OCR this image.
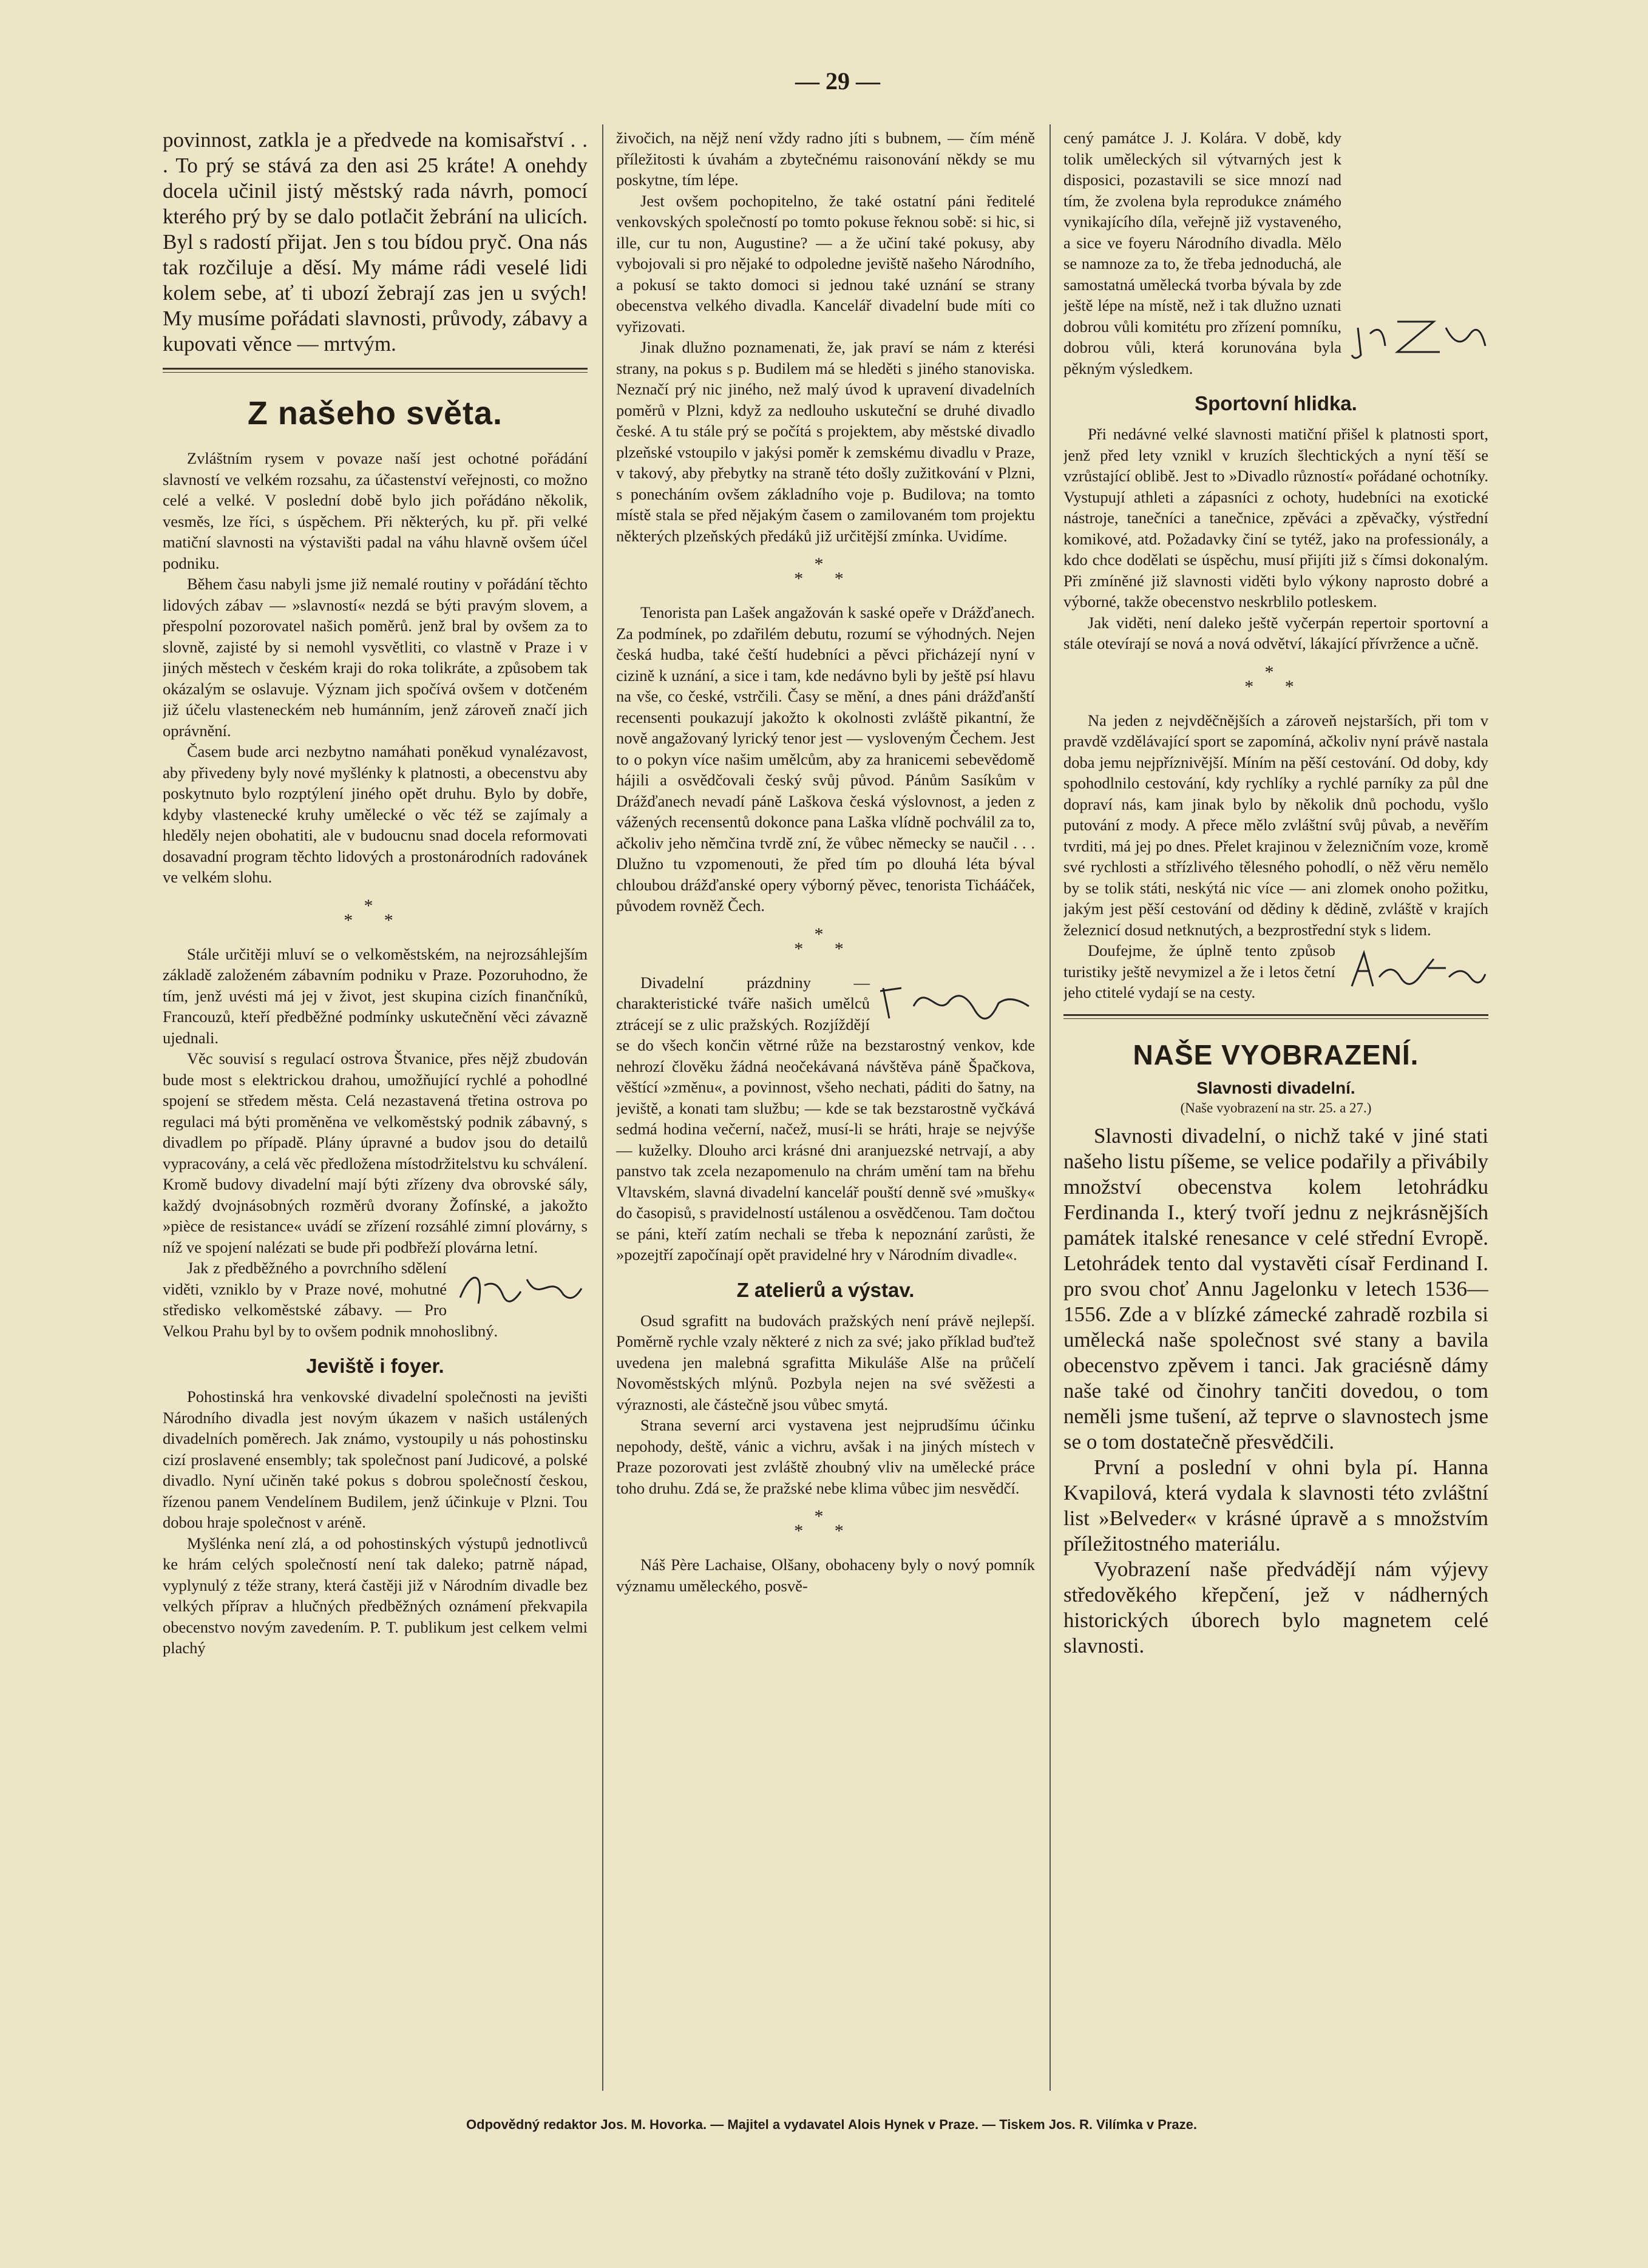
— 29 —

povinnost, zatkla je a předvede na komisařství . . . To prý se stává za den asi 25 kráte! A onehdy docela učinil jistý městský rada návrh, pomocí kterého prý by se dalo potlačit žebrání na ulicích. Byl s radostí přijat. Jen s tou bídou pryč. Ona nás tak rozčiluje a děsí. My máme rádi veselé lidi kolem sebe, ať ti ubozí žebrají zas jen u svých! My musíme pořádati slavnosti, průvody, zábavy a kupovati věnce — mrtvým.

Z našeho světa.

Zvláštním rysem v povaze naší jest ochotné pořádání slavností ve velkém rozsahu, za účastenství veřejnosti, co možno celé a velké. V poslední době bylo jich pořádáno několik, vesměs, lze říci, s úspěchem. Při některých, ku př. při velké matiční slavnosti na výstavišti padal na váhu hlavně ovšem účel podniku.

Během času nabyli jsme již nemalé routiny v pořádání těchto lidových zábav — »slavností« nezdá se býti pravým slovem, a přespolní pozorovatel našich poměrů. jenž bral by ovšem za to slovně, zajisté by si nemohl vysvětliti, co vlastně v Praze i v jiných městech v českém kraji do roka tolikráte, a způsobem tak okázalým se oslavuje. Význam jich spočívá ovšem v dotčeném již účelu vlasteneckém neb humánním, jenž zároveň značí jich oprávnění.

Časem bude arci nezbytno namáhati poněkud vynalézavost, aby přivedeny byly nové myšlénky k platnosti, a obecenstvu aby poskytnuto bylo rozptýlení jiného opět druhu. Bylo by dobře, kdyby vlastenecké kruhy umělecké o věc též se zajímaly a hleděly nejen obohatiti, ale v budoucnu snad docela reformovati dosavadní program těchto lidových a prostonárodních radovánek ve velkém slohu.

*
* *

Stále určitěji mluví se o velkoměstském, na nejrozsáhlejším základě založeném zábavním podniku v Praze. Pozoruhodno, že tím, jenž uvésti má jej v život, jest skupina cizích finančníků, Francouzů, kteří předběžné podmínky uskutečnění věci závazně ujednali.

Věc souvisí s regulací ostrova Štvanice, přes nějž zbudován bude most s elektrickou drahou, umožňující rychlé a pohodlné spojení se středem města. Celá nezastavená třetina ostrova po regulaci má býti proměněna ve velkoměstský podnik zábavný, s divadlem po případě. Plány úpravné a budov jsou do detailů vypracovány, a celá věc předložena místodržitelstvu ku schválení. Kromě budovy divadelní mají býti zřízeny dva obrovské sály, každý dvojnásobných rozměrů dvorany Žofínské, a jakožto »pièce de resistance« uvádí se zřízení rozsáhlé zimní plovárny, s níž ve spojení nalézati se bude při podbřeží plovárna letní.

Jak z předběžného a povrchního sdělení viděti, vzniklo by v Praze nové, mohutné středisko velkoměstské zábavy. — Pro Velkou Prahu byl by to ovšem podnik mnohoslibný.

Jeviště i foyer.

Pohostinská hra venkovské divadelní společnosti na jevišti Národního divadla jest novým úkazem v našich ustálených divadelních poměrech. Jak známo, vystoupily u nás pohostinsku cizí proslavené ensembly; tak společnost paní Judicové, a polské divadlo. Nyní učiněn také pokus s dobrou společností českou, řízenou panem Vendelínem Budilem, jenž účinkuje v Plzni. Tou dobou hraje společnost v aréně.

Myšlénka není zlá, a od pohostinských výstupů jednotlivců ke hrám celých společností není tak daleko; patrně nápad, vyplynulý z téže strany, která častěji již v Národním divadle bez velkých příprav a hlučných předběžných oznámení překvapila obecenstvo novým zavedením. P. T. publikum jest celkem velmi plachý

živočich, na nějž není vždy radno jíti s bubnem, — čím méně příležitosti k úvahám a zbytečnému raisonování někdy se mu poskytne, tím lépe.

Jest ovšem pochopitelno, že také ostatní páni ředitelé venkovských společností po tomto pokuse řeknou sobě: si hic, si ille, cur tu non, Augustine? — a že učiní také pokusy, aby vybojovali si pro nějaké to odpoledne jeviště našeho Národního, a pokusí se takto domoci si jednou také uznání se strany obecenstva velkého divadla. Kancelář divadelní bude míti co vyřizovati.

Jinak dlužno poznamenati, že, jak praví se nám z kterési strany, na pokus s p. Budilem má se hleděti s jiného stanoviska. Neznačí prý nic jiného, než malý úvod k upravení divadelních poměrů v Plzni, když za nedlouho uskuteční se druhé divadlo české. A tu stále prý se počítá s projektem, aby městské divadlo plzeňské vstoupilo v jakýsi poměr k zemskému divadlu v Praze, v takový, aby přebytky na straně této došly zužitkování v Plzni, s ponecháním ovšem základního voje p. Budilova; na tomto místě stala se před nějakým časem o zamilovaném tom projektu některých plzeňských předáků již určitější zmínka. Uvidíme.

*
* *

Tenorista pan Lašek angažován k saské opeře v Drážďanech. Za podmínek, po zdařilém debutu, rozumí se výhodných. Nejen česká hudba, také čeští hudebníci a pěvci přicházejí nyní v cizině k uznání, a sice i tam, kde nedávno byli by ještě psí hlavu na vše, co české, vstrčili. Časy se mění, a dnes páni drážďanští recensenti poukazují jakožto k okolnosti zvláště pikantní, že nově angažovaný lyrický tenor jest — vysloveným Čechem. Jest to o pokyn více našim umělcům, aby za hranicemi sebevědomě hájili a osvědčovali český svůj původ. Pánům Sasíkům v Drážďanech nevadí páně Laškova česká výslovnost, a jeden z vážených recensentů dokonce pana Laška vlídně pochválil za to, ačkoliv jeho němčina tvrdě zní, že vůbec německy se naučil . . . Dlužno tu vzpomenouti, že před tím po dlouhá léta býval chloubou drážďanské opery výborný pěvec, tenorista Tichááček, původem rovněž Čech.

*
* *

Divadelní prázdniny — charakteristické tváře našich umělců ztrácejí se z ulic pražských. Rozjíždějí se do všech končin větrné růže na bezstarostný venkov, kde nehrozí člověku žádná neočekávaná návštěva páně Špačkova, věštící »změnu«, a povinnost, všeho nechati, páditi do šatny, na jeviště, a konati tam službu; — kde se tak bezstarostně vyčkává sedmá hodina večerní, načež, musí-li se hráti, hraje se nejvýše — kuželky. Dlouho arci krásné dni aranjuezské netrvají, a aby panstvo tak zcela nezapomenulo na chrám umění tam na břehu Vltavském, slavná divadelní kancelář pouští denně své »mušky« do časopisů, s pravidelností ustálenou a osvědčenou. Tam dočtou se páni, kteří zatím nechali se třeba k nepoznání zarůsti, že »pozejtří započínají opět pravidelné hry v Národním divadle«.

Z atelierů a výstav.

Osud sgrafitt na budovách pražských není právě nejlepší. Poměrně rychle vzaly některé z nich za své; jako příklad buďtež uvedena jen malebná sgrafitta Mikuláše Alše na průčelí Novoměstských mlýnů. Pozbyla nejen na své svěžesti a výraznosti, ale částečně jsou vůbec smytá.

Strana severní arci vystavena jest nejprudšímu účinku nepohody, deště, vánic a vichru, avšak i na jiných místech v Praze pozorovati jest zvláště zhoubný vliv na umělecké práce toho druhu. Zdá se, že pražské nebe klima vůbec jim nesvědčí.

*
* *

Náš Père Lachaise, Olšany, obohaceny byly o nový pomník významu uměleckého, posvě-

cený památce J. J. Kolára. V době, kdy tolik uměleckých sil výtvarných jest k disposici, pozastavili se sice mnozí nad tím, že zvolena byla reprodukce známého vynikajícího díla, veřejně již vystaveného, a sice ve foyeru Národního divadla. Mělo se namnoze za to, že třeba jednoduchá, ale samostatná umělecká tvorba bývala by zde ještě lépe na místě, než i tak dlužno uznati dobrou vůli komitétu pro zřízení pomníku, dobrou vůli, která korunována byla pěkným výsledkem.

Sportovní hlidka.

Při nedávné velké slavnosti matiční přišel k platnosti sport, jenž před lety vznikl v kruzích šlechtických a nyní těší se vzrůstající oblibě. Jest to »Divadlo růzností« pořádané ochotníky. Vystupují athleti a zápasníci z ochoty, hudebníci na exotické nástroje, tanečníci a tanečnice, zpěváci a zpěvačky, výstřední komikové, atd. Požadavky činí se tytéž, jako na professionály, a kdo chce dodělati se úspěchu, musí přijíti již s čímsi dokonalým. Při zmíněné již slavnosti viděti bylo výkony naprosto dobré a výborné, takže obecenstvo neskrblilo potleskem.

Jak viděti, není daleko ještě vyčerpán repertoir sportovní a stále otevírají se nová a nová odvětví, lákající přívržence a učně.

*
* *

Na jeden z nejvděčnějších a zároveň nejstarších, při tom v pravdě vzdělávající sport se zapomíná, ačkoliv nyní právě nastala doba jemu nejpříznivější. Míním na pěší cestování. Od doby, kdy spohodlnilo cestování, kdy rychlíky a rychlé parníky za půl dne dopraví nás, kam jinak bylo by několik dnů pochodu, vyšlo putování z mody. A přece mělo zvláštní svůj půvab, a nevěřím tvrditi, má jej po dnes. Přelet krajinou v železničním voze, kromě své rychlosti a střízlivého tělesného pohodlí, o něž věru nemělo by se tolik státi, neskýtá nic více — ani zlomek onoho požitku, jakým jest pěší cestování od dědiny k dědině, zvláště v krajích železnicí dosud netknutých, a bezprostřední styk s lidem.

Doufejme, že úplně tento způsob turistiky ještě nevymizel a že i letos četní jeho ctitelé vydají se na cesty.

NAŠE VYOBRAZENÍ.
Slavnosti divadelní.
(Naše vyobrazení na str. 25. a 27.)

Slavnosti divadelní, o nichž také v jiné stati našeho listu píšeme, se velice podařily a přivábily množství obecenstva kolem letohrádku Ferdinanda I., který tvoří jednu z nejkrásnějších památek italské renesance v celé střední Evropě. Letohrádek tento dal vystavěti císař Ferdinand I. pro svou choť Annu Jagelonku v letech 1536—1556. Zde a v blízké zámecké zahradě rozbila si umělecká naše společnost své stany a bavila obecenstvo zpěvem i tanci. Jak graciésně dámy naše také od činohry tančiti dovedou, o tom neměli jsme tušení, až teprve o slavnostech jsme se o tom dostatečně přesvědčili.

První a poslední v ohni byla pí. Hanna Kvapilová, která vydala k slavnosti této zvláštní list »Belveder« v krásné úpravě a s množstvím příležitostného materiálu.

Vyobrazení naše předvádějí nám výjevy středověkého křepčení, jež v nádherných historických úborech bylo magnetem celé slavnosti.

Odpovědný redaktor Jos. M. Hovorka. — Majitel a vydavatel Alois Hynek v Praze. — Tiskem Jos. R. Vilímka v Praze.
